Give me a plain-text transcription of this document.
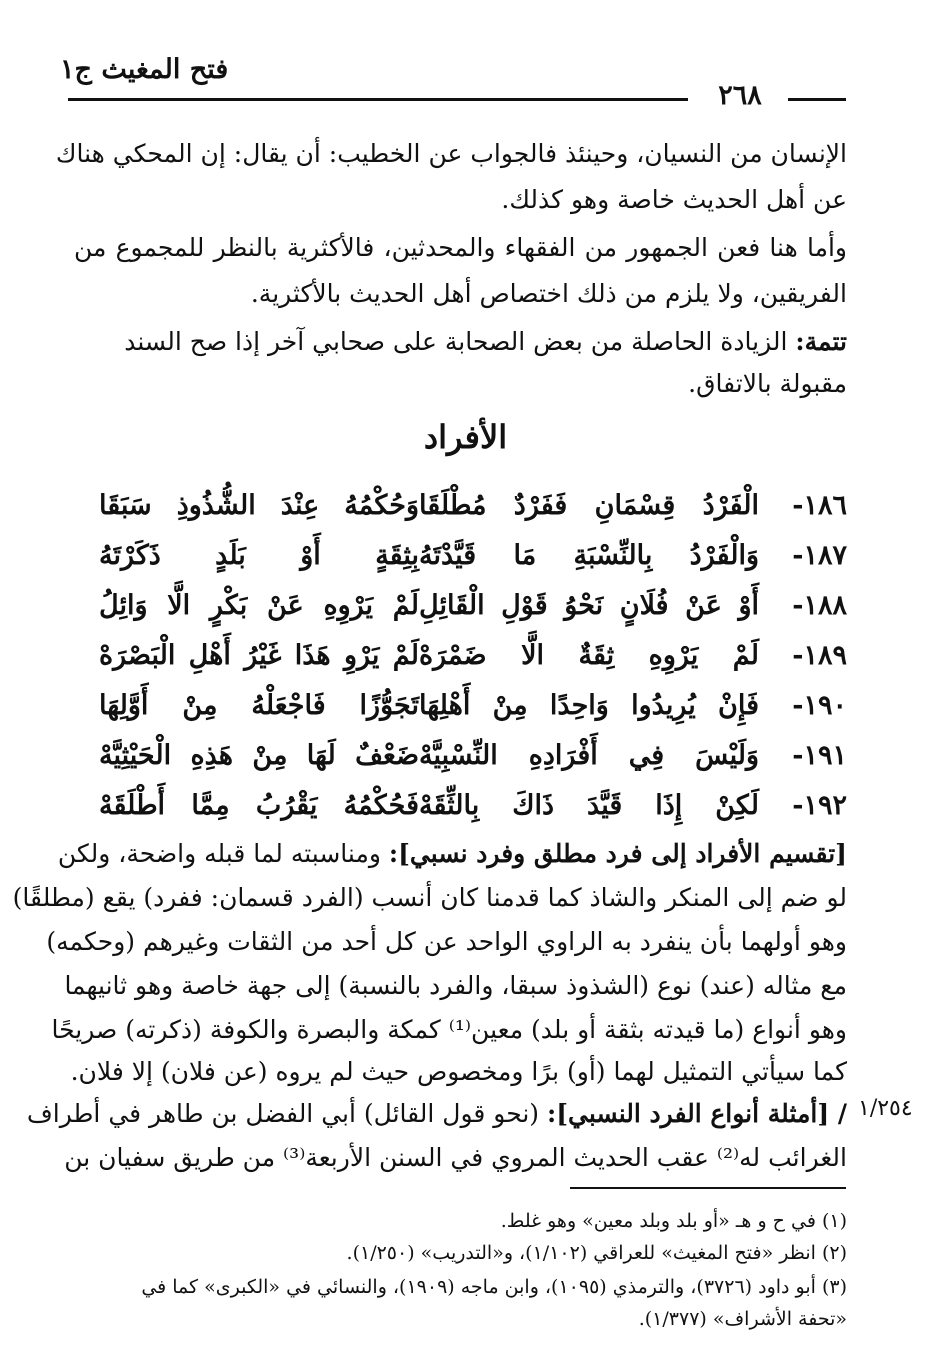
فتح المغيث ج١
٢٦٨
الإنسان من النسيان، وحينئذ فالجواب عن الخطيب: أن يقال: إن المحكي هناك
عن أهل الحديث خاصة وهو كذلك.
وأما هنا فعن الجمهور من الفقهاء والمحدثين، فالأكثرية بالنظر للمجموع من
الفريقين، ولا يلزم من ذلك اختصاص أهل الحديث بالأكثرية.
تتمة: الزيادة الحاصلة من بعض الصحابة على صحابي آخر إذا صح السند
مقبولة بالاتفاق.
الأفراد
١٨٦-
الْفَرْدُ قِسْمَانِ فَفَرْدٌ مُطْلَقَا
وَحُكْمُهُ عِنْدَ الشُّذُوذِ سَبَقَا
١٨٧-
وَالْفَرْدُ بِالنِّسْبَةِ مَا قَيَّدْتَهُ
بِثِقَةٍ أَوْ بَلَدٍ ذَكَرْتَهُ
١٨٨-
أَوْ عَنْ فُلَانٍ نَحْوُ قَوْلِ الْقَائِلِ
لَمْ يَرْوِهِ عَنْ بَكْرٍ الَّا وَائِلُ
١٨٩-
لَمْ يَرْوِهِ ثِقَةٌ الَّا ضَمْرَهْ
لَمْ يَرْوِ هَذَا غَيْرُ أَهْلِ الْبَصْرَهْ
١٩٠-
فَإِنْ يُرِيدُوا وَاحِدًا مِنْ أَهْلِهَا
تَجَوُّزًا فَاجْعَلْهُ مِنْ أَوَّلِهَا
١٩١-
وَلَيْسَ فِي أَفْرَادِهِ النِّسْبِيَّهْ
ضَعْفٌ لَهَا مِنْ هَذِهِ الْحَيْثِيَّهْ
١٩٢-
لَكِنْ إِذَا قَيَّدَ ذَاكَ بِالثِّقَهْ
فَحُكْمُهُ يَقْرُبُ مِمَّا أَطْلَقَهْ
[تقسيم الأفراد إلى فرد مطلق وفرد نسبي]: ومناسبته لما قبله واضحة، ولكن
لو ضم إلى المنكر والشاذ كما قدمنا كان أنسب (الفرد قسمان: ففرد) يقع (مطلقًا)
وهو أولهما بأن ينفرد به الراوي الواحد عن كل أحد من الثقات وغيرهم (وحكمه)
مع مثاله (عند) نوع (الشذوذ سبقا، والفرد بالنسبة) إلى جهة خاصة وهو ثانيهما
وهو أنواع (ما قيدته بثقة أو بلد) معين⁽¹⁾ كمكة والبصرة والكوفة (ذكرته) صريحًا
كما سيأتي التمثيل لهما (أو) برًا ومخصوص حيث لم يروه (عن فلان) إلا فلان.
١/٢٥٤
/ [أمثلة أنواع الفرد النسبي]: (نحو قول القائل) أبي الفضل بن طاهر في أطراف
الغرائب له⁽²⁾ عقب الحديث المروي في السنن الأربعة⁽³⁾ من طريق سفيان بن
(١) في ح و هـ «أو بلد وبلد معين» وهو غلط.
(٢) انظر «فتح المغيث» للعراقي (١/١٠٢)، و«التدريب» (١/٢٥٠).
(٣) أبو داود (٣٧٢٦)، والترمذي (١٠٩٥)، وابن ماجه (١٩٠٩)، والنسائي في «الكبرى» كما في
«تحفة الأشراف» (١/٣٧٧).
